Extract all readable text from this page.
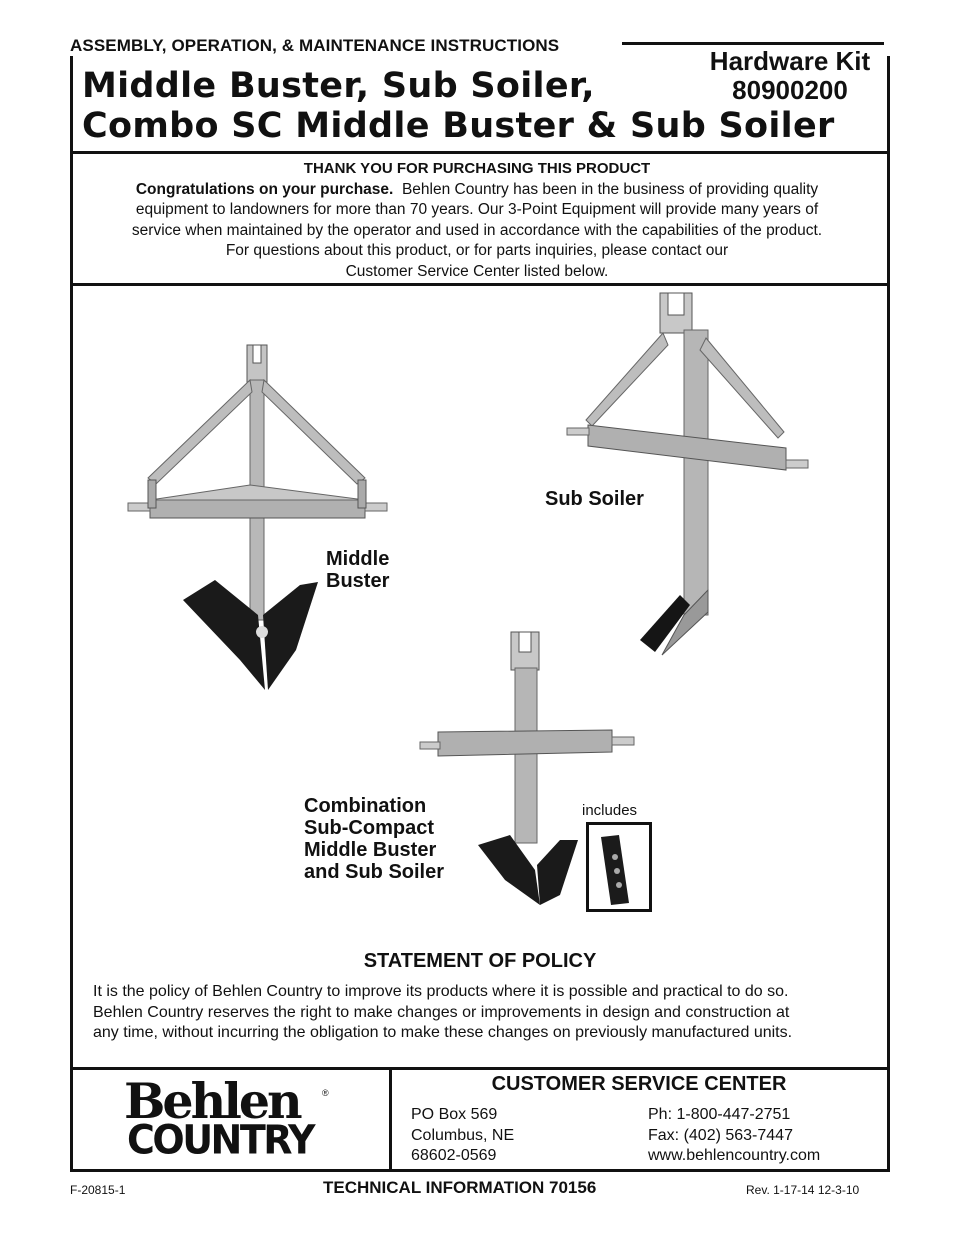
ASSEMBLY, OPERATION, & MAINTENANCE INSTRUCTIONS
Middle Buster, Sub Soiler,
Combo SC Middle Buster & Sub Soiler
Hardware Kit
80900200
THANK YOU FOR PURCHASING THIS PRODUCT
Congratulations on your purchase. Behlen Country has been in the business of providing quality
equipment to landowners for more than 70 years. Our 3-Point Equipment will provide many years of
service when maintained by the operator and used in accordance with the capabilities of the product.
For questions about this product, or for parts inquiries, please contact our
Customer Service Center listed below.
Middle
Buster
Sub Soiler
Combination
Sub-Compact
Middle Buster
and Sub Soiler
includes
STATEMENT OF POLICY
It is the policy of Behlen Country to improve its products where it is possible and practical to do so.
Behlen Country reserves the right to make changes or improvements in design and construction at
any time, without incurring the obligation to make these changes on previously manufactured units.
Behlen
COUNTRY
®	CUSTOMER SERVICE CENTER
PO Box 569
Columbus, NE
68602-0569
Ph: 1-800-447-2751
Fax: (402) 563-7447
www.behlencountry.com
F-20815-1	TECHNICAL INFORMATION 70156	Rev. 1-17-14 12-3-10
